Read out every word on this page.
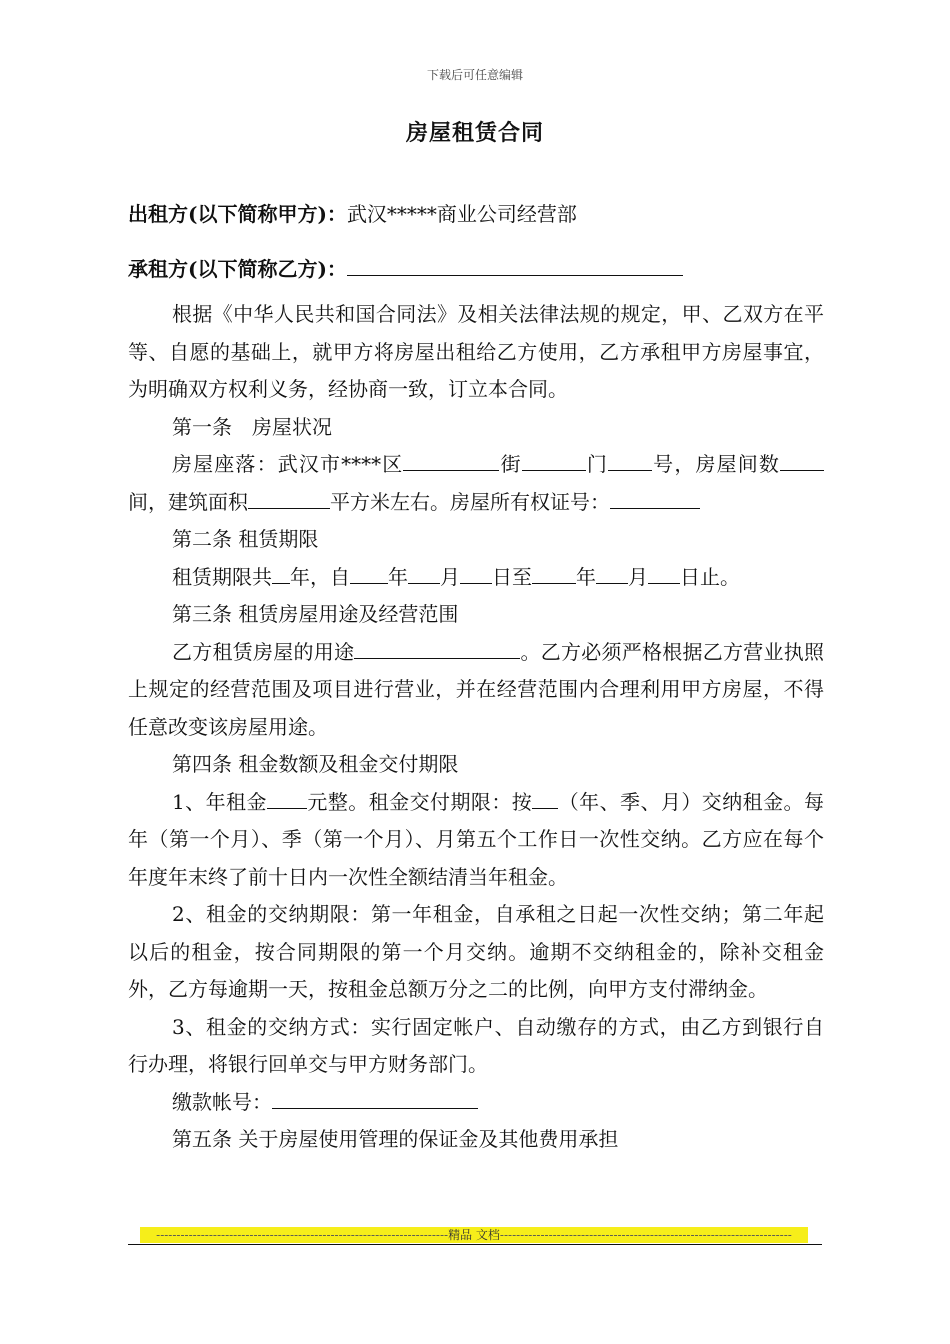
下载后可任意编辑
房屋租赁合同
出租方(以下简称甲方)：武汉*****商业公司经营部
承租方(以下简称乙方)：

根据《中华人民共和国合同法》及相关法律法规的规定，甲、乙双方在平等、自愿的基础上，就甲方将房屋出租给乙方使用，乙方承租甲方房屋事宜，为明确双方权利义务，经协商一致，订立本合同。

第一条　房屋状况

房屋座落：武汉市****区	街	门 号，房屋间数间，建筑面积	平方米左右。房屋所有权证号：

第二条 租赁期限

租赁期限共 年，自 年 月 日至 年 月 日止。

第三条 租赁房屋用途及经营范围

乙方租赁房屋的用途	。乙方必须严格根据乙方营业执照上规定的经营范围及项目进行营业，并在经营范围内合理利用甲方房屋，不得任意改变该房屋用途。

第四条 租金数额及租金交付期限

1、年租金 元整。租金交付期限：按 （年、季、月）交纳租金。每年（第一个月）、季（第一个月）、月第五个工作日一次性交纳。乙方应在每个年度年末终了前十日内一次性全额结清当年租金。

2、租金的交纳期限：第一年租金，自承租之日起一次性交纳；第二年起以后的租金，按合同期限的第一个月交纳。逾期不交纳租金的，除补交租金外，乙方每逾期一天，按租金总额万分之二的比例，向甲方支付滞纳金。

3、租金的交纳方式：实行固定帐户、自动缴存的方式，由乙方到银行自行办理，将银行回单交与甲方财务部门。

缴款帐号：

第五条 关于房屋使用管理的保证金及其他费用承担

------------------------------------------------------------------------精品 文档------------------------------------------------------------------------
